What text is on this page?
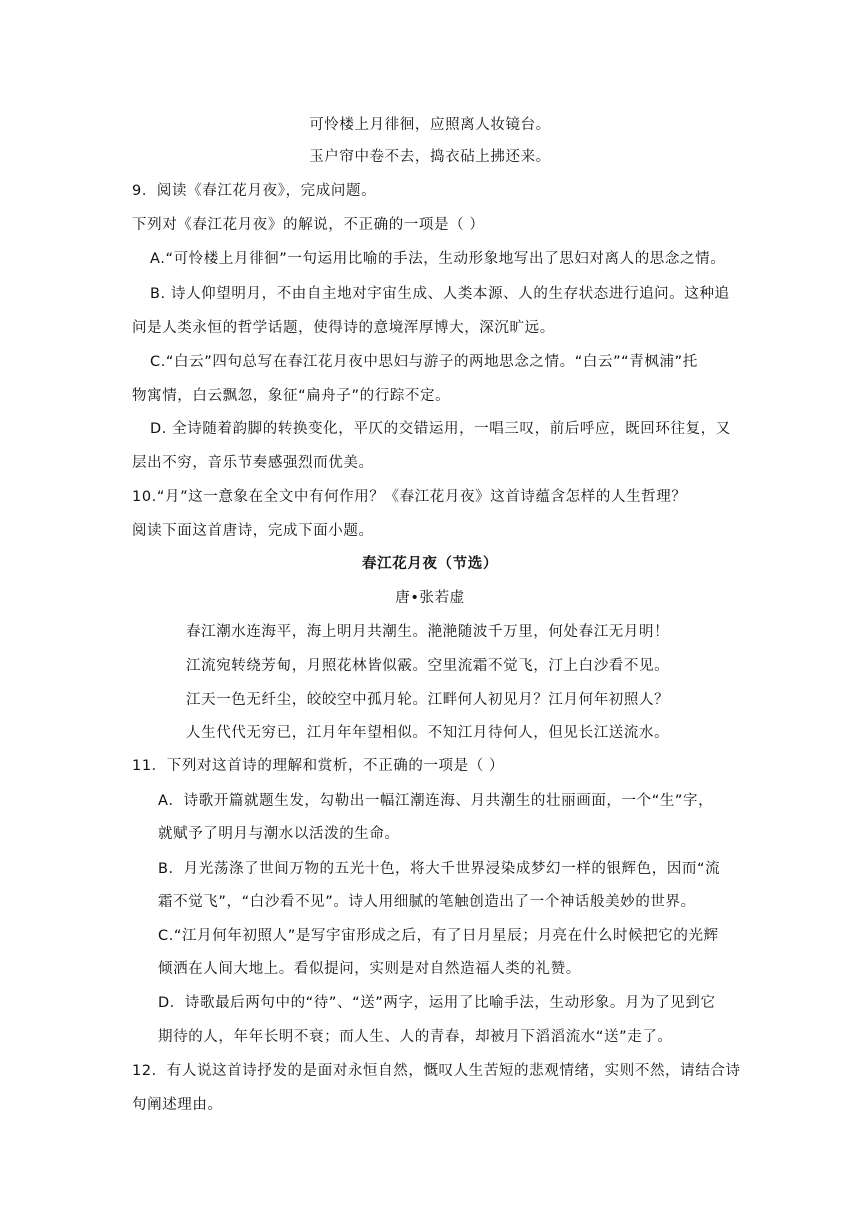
可怜楼上月徘徊，应照离人妆镜台。
玉户帘中卷不去，捣衣砧上拂还来。
9．阅读《春江花月夜》，完成问题。
下列对《春江花月夜》的解说，不正确的一项是（ ）
A.“可怜楼上月徘徊”一句运用比喻的手法，生动形象地写出了思妇对离人的思念之情。
B. 诗人仰望明月，不由自主地对宇宙生成、人类本源、人的生存状态进行追问。这种追
问是人类永恒的哲学话题，使得诗的意境浑厚博大，深沉旷远。
C.“白云”四句总写在春江花月夜中思妇与游子的两地思念之情。“白云”“青枫浦”托
物寓情，白云飘忽，象征“扁舟子”的行踪不定。
D. 全诗随着韵脚的转换变化，平仄的交错运用，一唱三叹，前后呼应，既回环往复，又
层出不穷，音乐节奏感强烈而优美。
10.“月”这一意象在全文中有何作用？《春江花月夜》这首诗蕴含怎样的人生哲理？
阅读下面这首唐诗，完成下面小题。
春江花月夜（节选）
唐•张若虚
春江潮水连海平，海上明月共潮生。滟滟随波千万里，何处春江无月明！
江流宛转绕芳甸，月照花林皆似霰。空里流霜不觉飞，汀上白沙看不见。
江天一色无纤尘，皎皎空中孤月轮。江畔何人初见月？江月何年初照人？
人生代代无穷已，江月年年望相似。不知江月待何人，但见长江送流水。
11．下列对这首诗的理解和赏析，不正确的一项是（ ）
A．诗歌开篇就题生发，勾勒出一幅江潮连海、月共潮生的壮丽画面，一个“生”字，
就赋予了明月与潮水以活泼的生命。
B．月光荡涤了世间万物的五光十色，将大千世界浸染成梦幻一样的银辉色，因而“流
霜不觉飞”，“白沙看不见”。诗人用细腻的笔触创造出了一个神话般美妙的世界。
C.“江月何年初照人”是写宇宙形成之后，有了日月星辰；月亮在什么时候把它的光辉
倾洒在人间大地上。看似提问，实则是对自然造福人类的礼赞。
D．诗歌最后两句中的“待”、“送”两字，运用了比喻手法，生动形象。月为了见到它
期待的人，年年长明不衰；而人生、人的青春，却被月下滔滔流水“送”走了。
12．有人说这首诗抒发的是面对永恒自然，慨叹人生苦短的悲观情绪，实则不然，请结合诗
句阐述理由。
